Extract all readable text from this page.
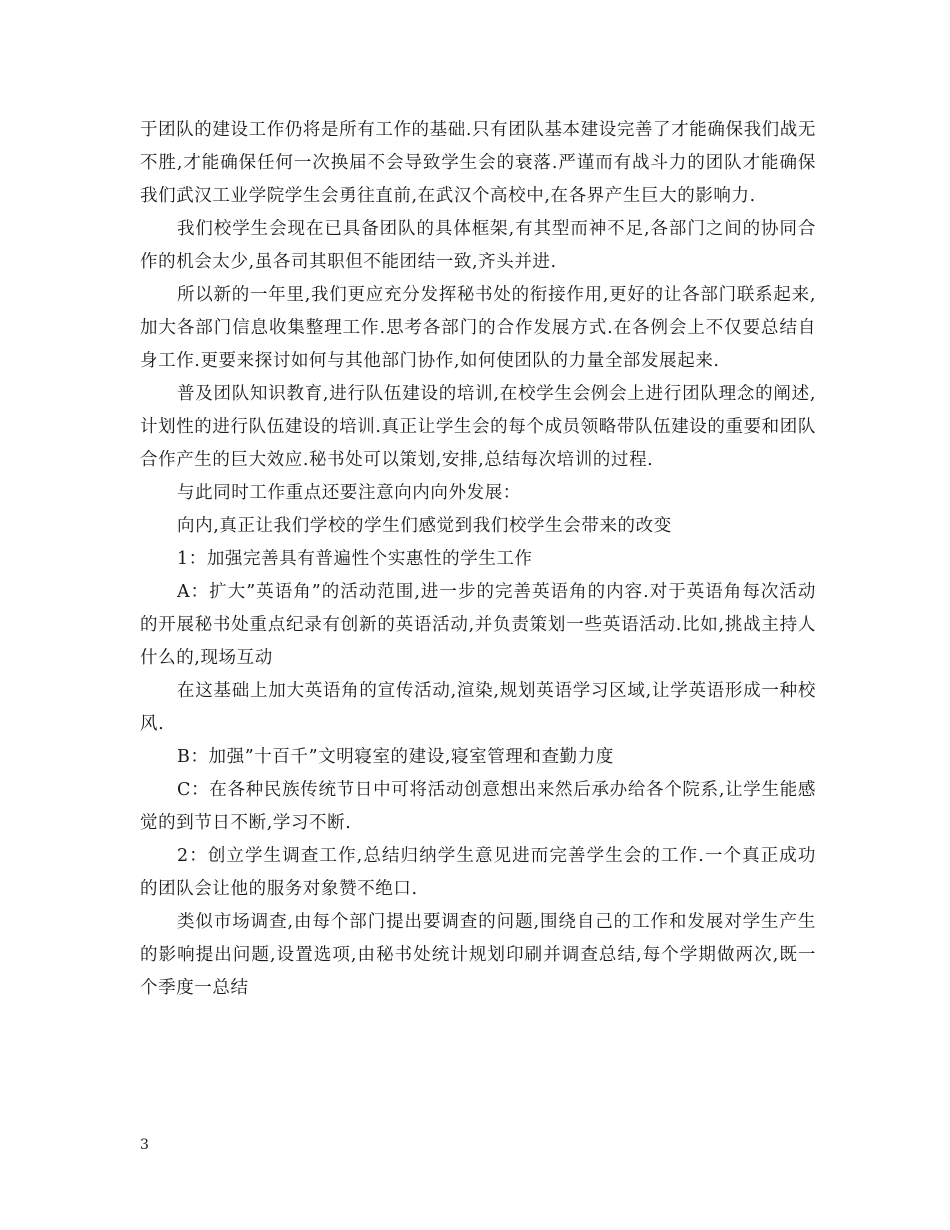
于团队的建设工作仍将是所有工作的基础.只有团队基本建设完善了才能确保我们战无不胜,才能确保任何一次换届不会导致学生会的衰落.严谨而有战斗力的团队才能确保我们武汉工业学院学生会勇往直前,在武汉个高校中,在各界产生巨大的影响力.

我们校学生会现在已具备团队的具体框架,有其型而神不足,各部门之间的协同合作的机会太少,虽各司其职但不能团结一致,齐头并进.

所以新的一年里,我们更应充分发挥秘书处的衔接作用,更好的让各部门联系起来,加大各部门信息收集整理工作.思考各部门的合作发展方式.在各例会上不仅要总结自身工作.更要来探讨如何与其他部门协作,如何使团队的力量全部发展起来.

普及团队知识教育,进行队伍建设的培训,在校学生会例会上进行团队理念的阐述,计划性的进行队伍建设的培训.真正让学生会的每个成员领略带队伍建设的重要和团队合作产生的巨大效应.秘书处可以策划,安排,总结每次培训的过程.

与此同时工作重点还要注意向内向外发展：

向内,真正让我们学校的学生们感觉到我们校学生会带来的改变

1：加强完善具有普遍性个实惠性的学生工作

A：扩大”英语角”的活动范围,进一步的完善英语角的内容.对于英语角每次活动的开展秘书处重点纪录有创新的英语活动,并负责策划一些英语活动.比如,挑战主持人什么的,现场互动

在这基础上加大英语角的宣传活动,渲染,规划英语学习区域,让学英语形成一种校风.

B：加强”十百千”文明寝室的建设,寝室管理和查勤力度

C：在各种民族传统节日中可将活动创意想出来然后承办给各个院系,让学生能感觉的到节日不断,学习不断.

2：创立学生调查工作,总结归纳学生意见进而完善学生会的工作.一个真正成功的团队会让他的服务对象赞不绝口.

类似市场调查,由每个部门提出要调查的问题,围绕自己的工作和发展对学生产生的影响提出问题,设置选项,由秘书处统计规划印刷并调查总结,每个学期做两次,既一个季度一总结

3
